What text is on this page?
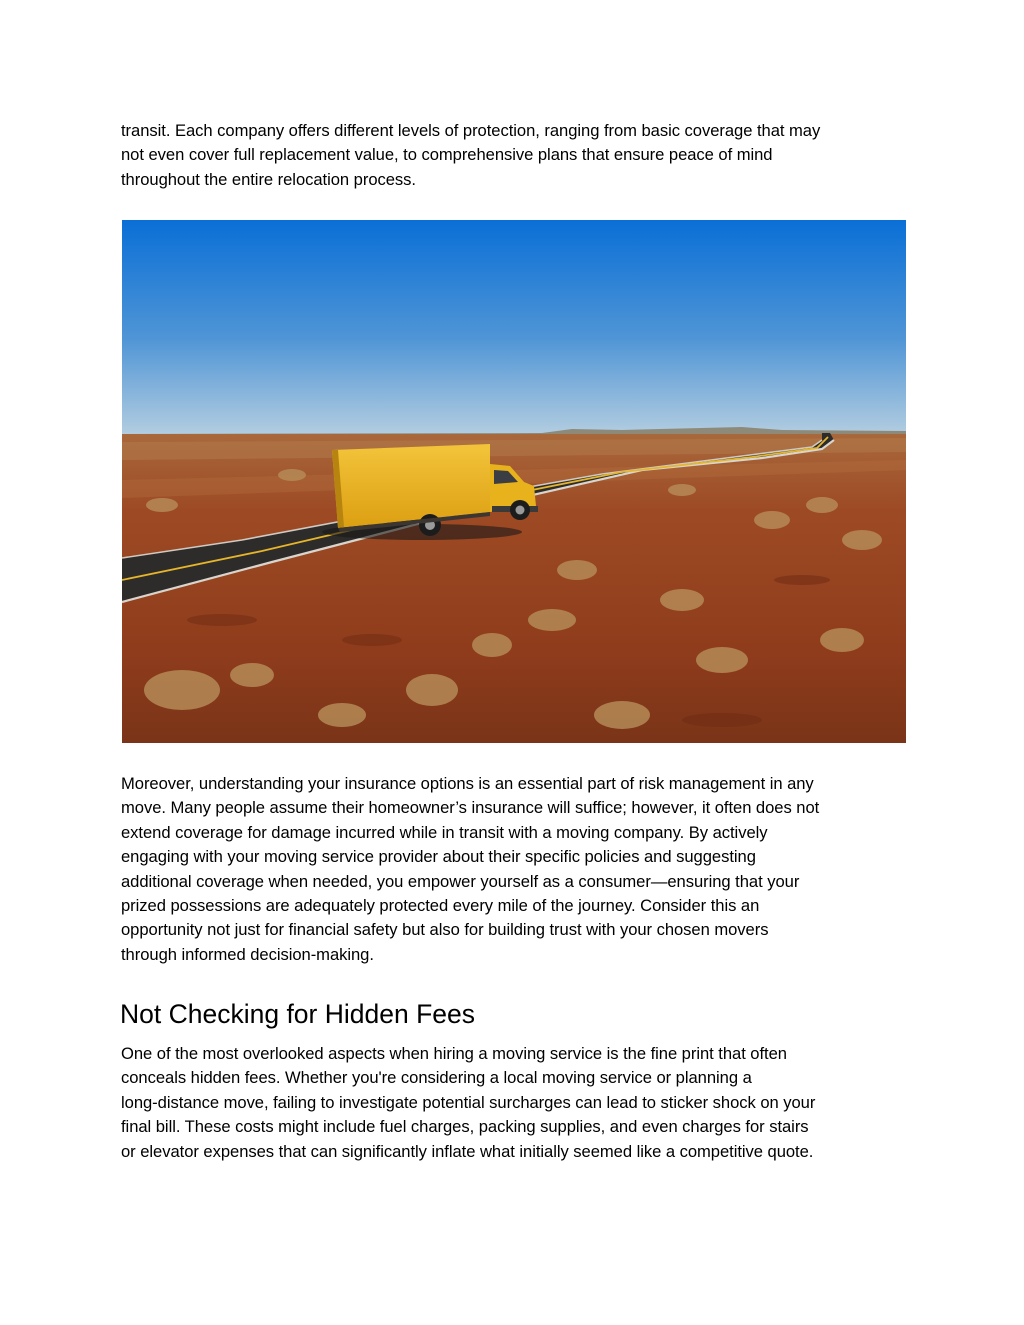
transit. Each company offers different levels of protection, ranging from basic coverage that may
not even cover full replacement value, to comprehensive plans that ensure peace of mind
throughout the entire relocation process.

Moreover, understanding your insurance options is an essential part of risk management in any
move. Many people assume their homeowner’s insurance will suffice; however, it often does not
extend coverage for damage incurred while in transit with a moving company. By actively
engaging with your moving service provider about their specific policies and suggesting
additional coverage when needed, you empower yourself as a consumer—ensuring that your
prized possessions are adequately protected every mile of the journey. Consider this an
opportunity not just for financial safety but also for building trust with your chosen movers
through informed decision-making.

Not Checking for Hidden Fees

One of the most overlooked aspects when hiring a moving service is the fine print that often
conceals hidden fees. Whether you're considering a local moving service or planning a
long-distance move, failing to investigate potential surcharges can lead to sticker shock on your
final bill. These costs might include fuel charges, packing supplies, and even charges for stairs
or elevator expenses that can significantly inflate what initially seemed like a competitive quote.
